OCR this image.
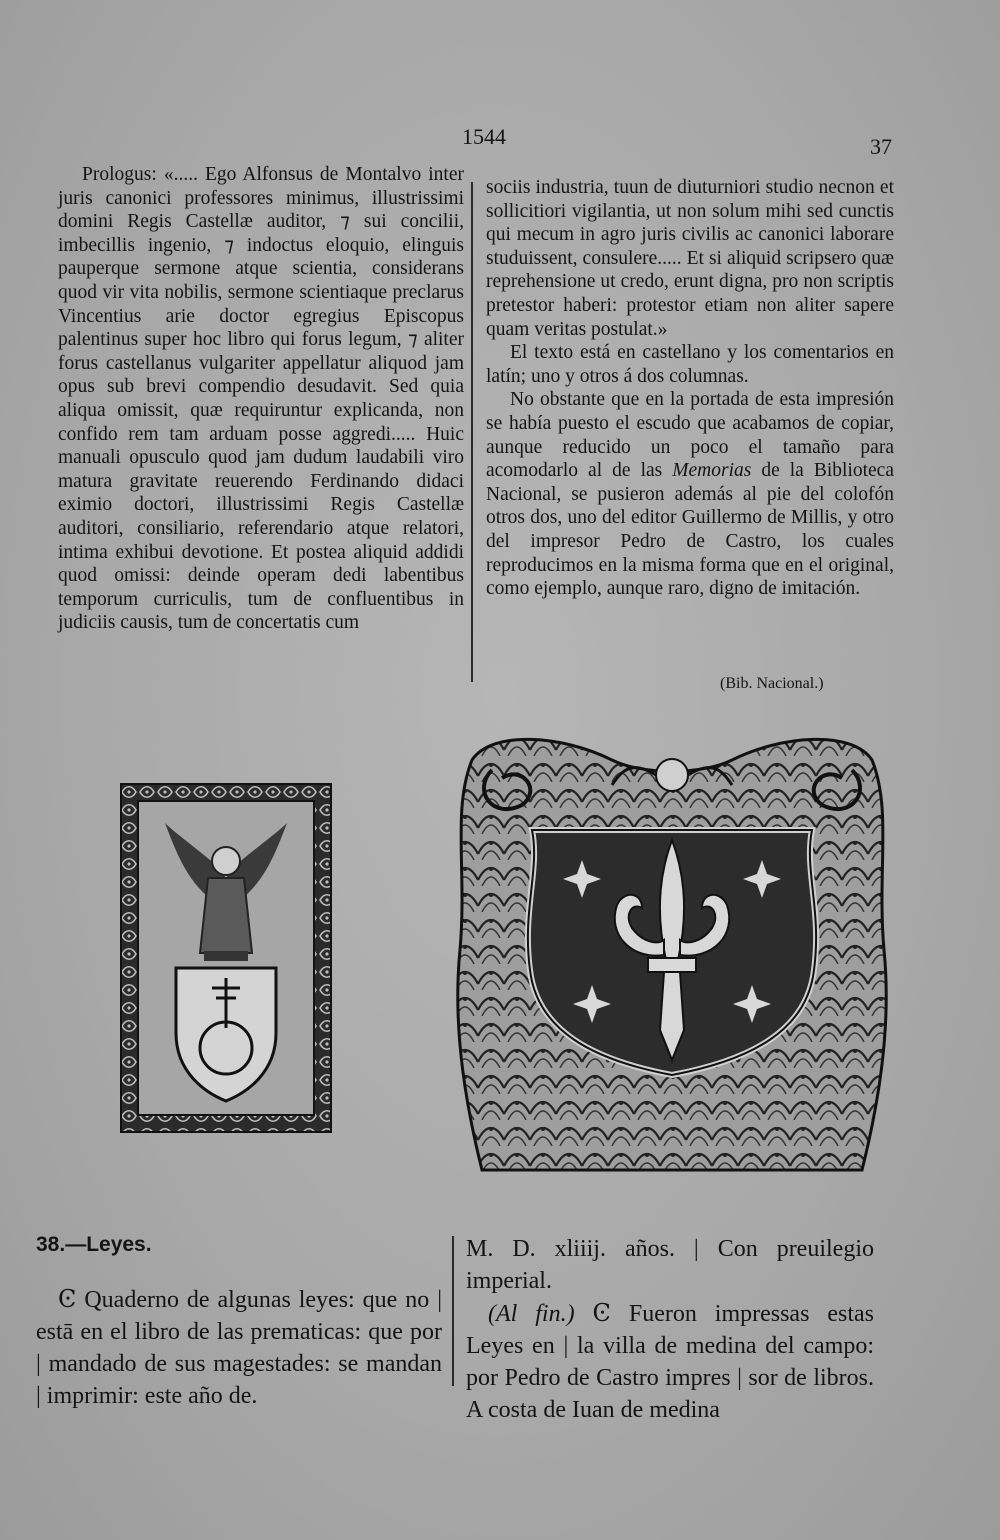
1544	37

Prologus: «..... Ego Alfonsus de Montalvo inter juris canonici professores minimus, illustrissimi domini Regis Castellæ auditor, ⁊ sui concilii, imbecillis ingenio, ⁊ indoctus eloquio, elinguis pauperque sermone atque scientia, considerans quod vir vita nobilis, sermone scientiaque preclarus Vincentius arie doctor egregius Episcopus palentinus super hoc libro qui forus legum, ⁊ aliter forus castellanus vulgariter appellatur aliquod jam opus sub brevi compendio desudavit. Sed quia aliqua omissit, quæ requiruntur explicanda, non confido rem tam arduam posse aggredi..... Huic manuali opusculo quod jam dudum laudabili viro matura gravitate reuerendo Ferdinando didaci eximio doctori, illustrissimi Regis Castellæ auditori, consiliario, referendario atque relatori, intima exhibui devotione. Et postea aliquid addidi quod omissi: deinde operam dedi labentibus temporum curriculis, tum de confluentibus in judiciis causis, tum de concertatis cum

sociis industria, tuun de diuturniori studio necnon et sollicitiori vigilantia, ut non solum mihi sed cunctis qui mecum in agro juris civilis ac canonici laborare studuissent, consulere..... Et si aliquid scripsero quæ reprehensione ut credo, erunt digna, pro non scriptis pretestor haberi: protestor etiam non aliter sapere quam veritas postulat.»

El texto está en castellano y los comentarios en latín; uno y otros á dos columnas.

No obstante que en la portada de esta impresión se había puesto el escudo que acabamos de copiar, aunque reducido un poco el tamaño para acomodarlo al de las Memorias de la Biblioteca Nacional, se pusieron además al pie del colofón otros dos, uno del editor Guillermo de Millis, y otro del impresor Pedro de Castro, los cuales reproducimos en la misma forma que en el original, como ejemplo, aunque raro, digno de imitación.

(Bib. Nacional.)
38.—Leyes.

Ͼ Quaderno de algunas leyes: que no | estā en el libro de las prematicas: que por | mandado de sus magestades: se mandan | imprimir: este año de.

M. D. xliiij. años. | Con preuilegio imperial.

(Al fin.) Ͼ Fueron impressas estas Leyes en | la villa de medina del campo: por Pedro de Castro impres | sor de libros. A costa de Iuan de medina
